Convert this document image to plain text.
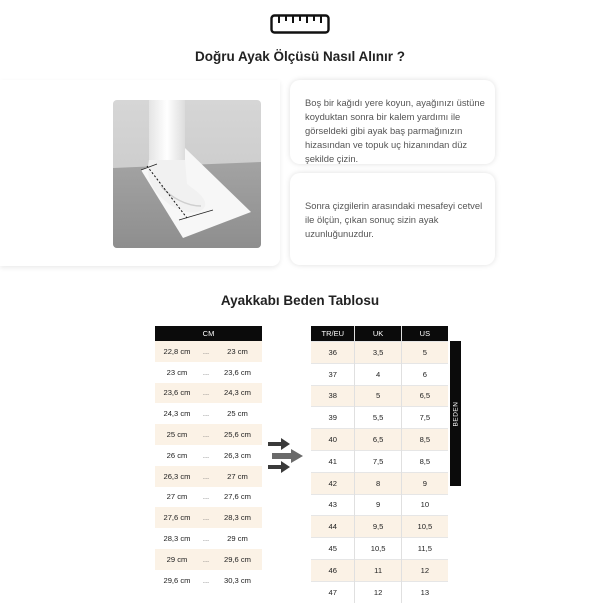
Doğru Ayak Ölçüsü Nasıl Alınır ?
Boş bir kağıdı yere koyun, ayağınızı üstüne koyduktan sonra bir kalem yardımı ile görseldeki gibi ayak baş parmağınızın hizasından ve topuk uç hizanından düz şekilde çizin.
Sonra çizgilerin arasındaki mesafeyi cetvel ile ölçün, çıkan sonuç sizin ayak uzunluğunuzdur.
Ayakkabı Beden Tablosu
CM		
22,8 cm	...	23 cm
23 cm	...	23,6 cm
23,6 cm	...	24,3 cm
24,3 cm	...	25 cm
25 cm	...	25,6 cm
26 cm	...	26,3 cm
26,3 cm	...	27 cm
27 cm	...	27,6 cm
27,6 cm	...	28,3 cm
28,3 cm	...	29 cm
29 cm	...	29,6 cm
29,6 cm	...	30,3 cm
TR/EU	UK	US
36	3,5	5
37	4	6
38	5	6,5
39	5,5	7,5
40	6,5	8,5
41	7,5	8,5
42	8	9
43	9	10
44	9,5	10,5
45	10,5	11,5
46	11	12
47	12	13
BEDEN
